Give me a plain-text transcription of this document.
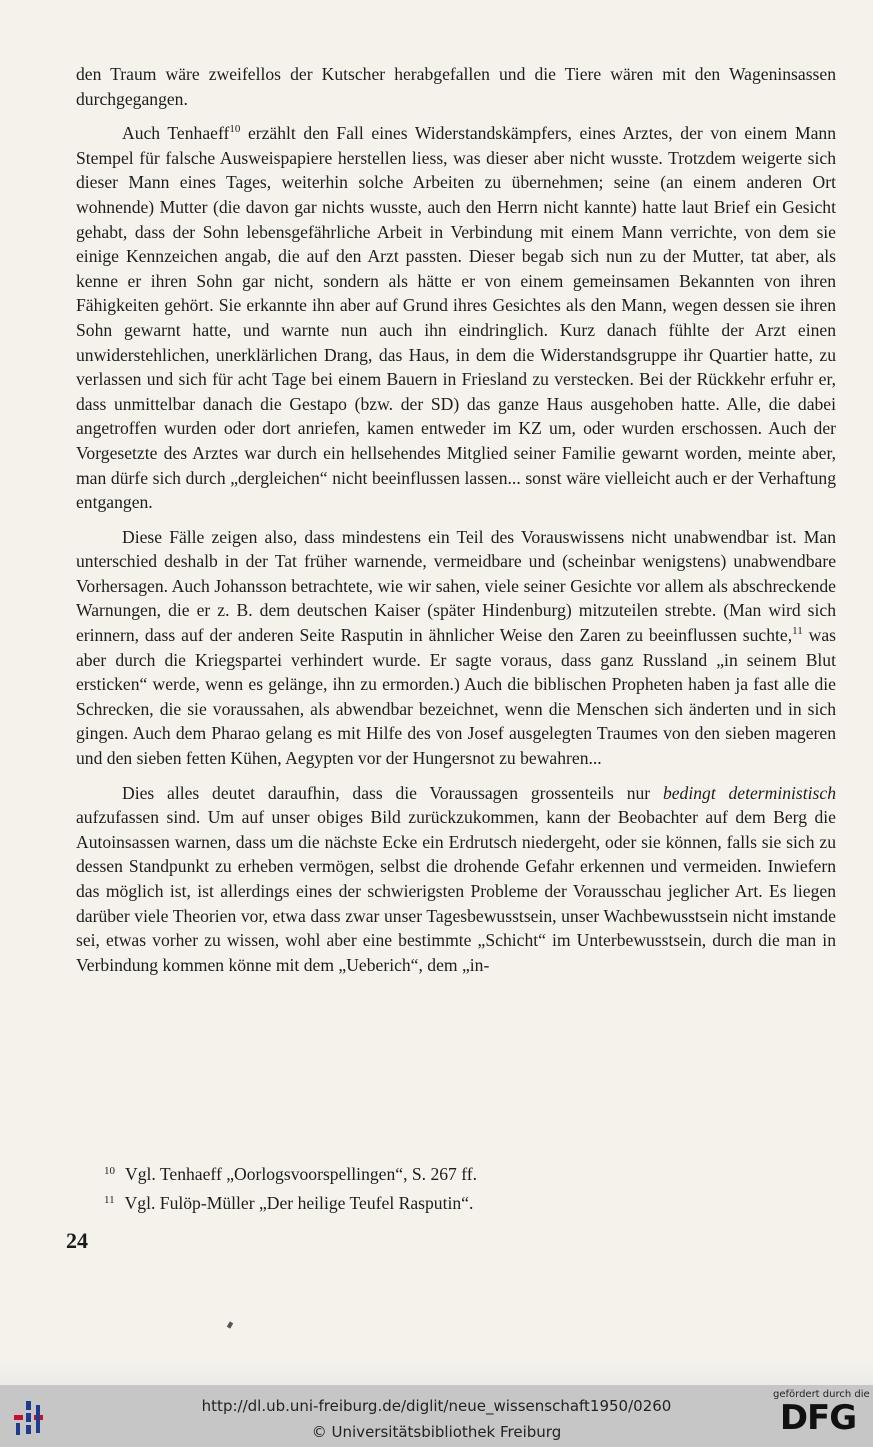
den Traum wäre zweifellos der Kutscher herabgefallen und die Tiere wären mit den Wageninsassen durchgegangen.

Auch Tenhaeff$^{10}$ erzählt den Fall eines Widerstandskämpfers, eines Arztes, der von einem Mann Stempel für falsche Ausweispapiere herstellen liess, was dieser aber nicht wusste. Trotzdem weigerte sich dieser Mann eines Tages, weiterhin solche Arbeiten zu übernehmen; seine (an einem anderen Ort wohnende) Mutter (die davon gar nichts wusste, auch den Herrn nicht kannte) hatte laut Brief ein Gesicht gehabt, dass der Sohn lebensgefährliche Arbeit in Verbindung mit einem Mann verrichte, von dem sie einige Kennzeichen angab, die auf den Arzt passten. Dieser begab sich nun zu der Mutter, tat aber, als kenne er ihren Sohn gar nicht, sondern als hätte er von einem gemeinsamen Bekannten von ihren Fähigkeiten gehört. Sie erkannte ihn aber auf Grund ihres Gesichtes als den Mann, wegen dessen sie ihren Sohn gewarnt hatte, und warnte nun auch ihn eindringlich. Kurz danach fühlte der Arzt einen unwiderstehlichen, unerklärlichen Drang, das Haus, in dem die Widerstandsgruppe ihr Quartier hatte, zu verlassen und sich für acht Tage bei einem Bauern in Friesland zu verstecken. Bei der Rückkehr erfuhr er, dass unmittelbar danach die Gestapo (bzw. der SD) das ganze Haus ausgehoben hatte. Alle, die dabei angetroffen wurden oder dort anriefen, kamen entweder im KZ um, oder wurden erschossen. Auch der Vorgesetzte des Arztes war durch ein hellsehendes Mitglied seiner Familie gewarnt worden, meinte aber, man dürfe sich durch „dergleichen“ nicht beeinflussen lassen... sonst wäre vielleicht auch er der Verhaftung entgangen.

Diese Fälle zeigen also, dass mindestens ein Teil des Vorauswissens nicht unabwendbar ist. Man unterschied deshalb in der Tat früher warnende, vermeidbare und (scheinbar wenigstens) unabwendbare Vorhersagen. Auch Johansson betrachtete, wie wir sahen, viele seiner Gesichte vor allem als abschreckende Warnungen, die er z. B. dem deutschen Kaiser (später Hindenburg) mitzuteilen strebte. (Man wird sich erinnern, dass auf der anderen Seite Rasputin in ähnlicher Weise den Zaren zu beeinflussen suchte,$^{11}$ was aber durch die Kriegspartei verhindert wurde. Er sagte voraus, dass ganz Russland „in seinem Blut ersticken“ werde, wenn es gelänge, ihn zu ermorden.) Auch die biblischen Propheten haben ja fast alle die Schrecken, die sie voraussahen, als abwendbar bezeichnet, wenn die Menschen sich änderten und in sich gingen. Auch dem Pharao gelang es mit Hilfe des von Josef ausgelegten Traumes von den sieben mageren und den sieben fetten Kühen, Aegypten vor der Hungersnot zu bewahren...

Dies alles deutet daraufhin, dass die Voraussagen grossenteils nur bedingt deterministisch aufzufassen sind. Um auf unser obiges Bild zurückzukommen, kann der Beobachter auf dem Berg die Autoinsassen warnen, dass um die nächste Ecke ein Erdrutsch niedergeht, oder sie können, falls sie sich zu dessen Standpunkt zu erheben vermögen, selbst die drohende Gefahr erkennen und vermeiden. Inwiefern das möglich ist, ist allerdings eines der schwierigsten Probleme der Vorausschau jeglicher Art. Es liegen darüber viele Theorien vor, etwa dass zwar unser Tagesbewusstsein, unser Wachbewusstsein nicht imstande sei, etwas vorher zu wissen, wohl aber eine bestimmte „Schicht“ im Unterbewusstsein, durch die man in Verbindung kommen könne mit dem „Ueberich“, dem „in-

$^{10}$ Vgl. Tenhaeff „Oorlogsvoorspellingen“, S. 267 ff.
$^{11}$ Vgl. Fulöp-Müller „Der heilige Teufel Rasputin“.
24
http://dl.ub.uni-freiburg.de/diglit/neue_wissenschaft1950/0260
© Universitätsbibliothek Freiburg
gefördert durch die
DFG
